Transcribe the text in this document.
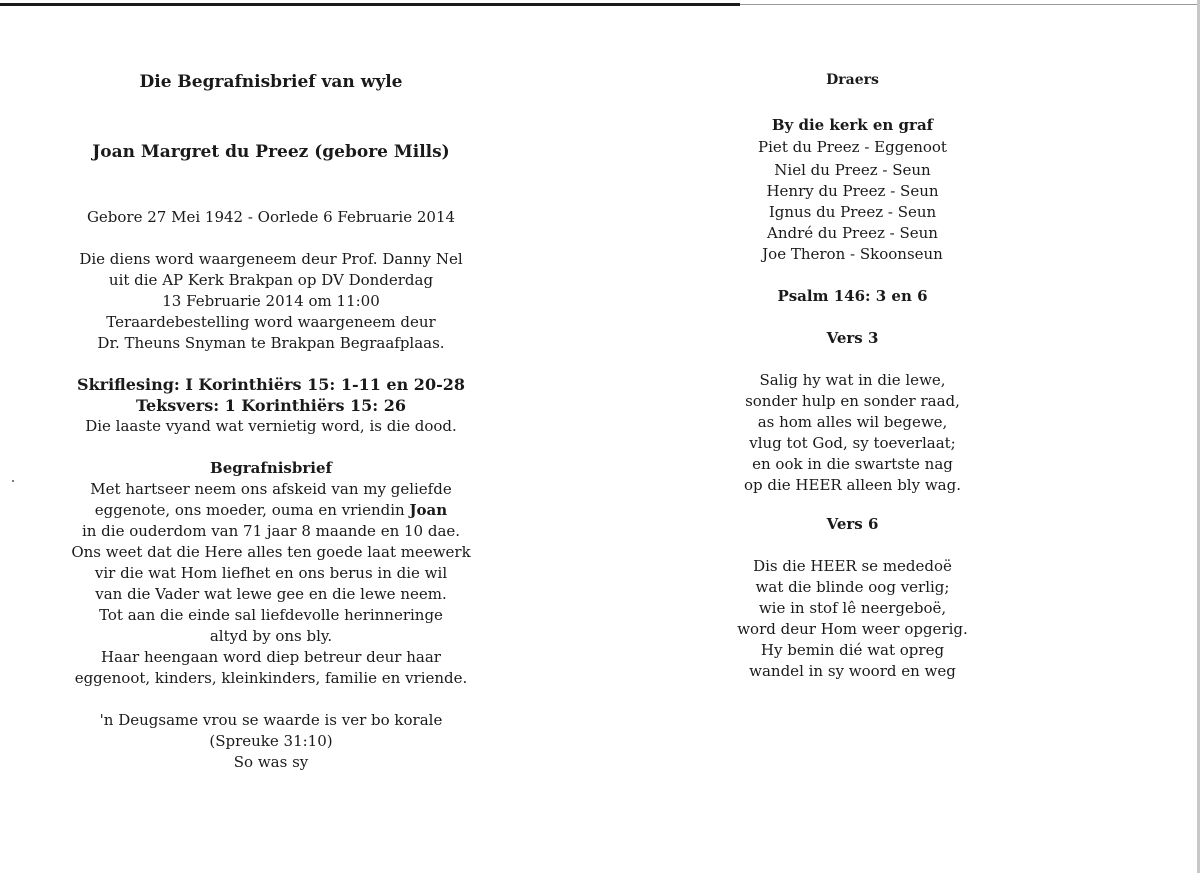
Die Begrafnisbrief van wyle
Joan Margret du Preez (gebore Mills)
Gebore 27 Mei 1942 - Oorlede 6 Februarie 2014
Die diens word waargeneem deur Prof. Danny Nel
uit die AP Kerk Brakpan op DV Donderdag
13 Februarie 2014 om 11:00
Teraardebestelling word waargeneem deur
Dr. Theuns Snyman te Brakpan Begraafplaas.
Skriflesing: I Korinthiërs 15: 1-11 en 20-28
Teksvers: 1 Korinthiërs 15: 26
Die laaste vyand wat vernietig word, is die dood.
Begrafnisbrief
Met hartseer neem ons afskeid van my geliefde
eggenote, ons moeder, ouma en vriendin Joan
in die ouderdom van 71 jaar 8 maande en 10 dae.
Ons weet dat die Here alles ten goede laat meewerk
vir die wat Hom liefhet en ons berus in die wil
van die Vader wat lewe gee en die lewe neem.
Tot aan die einde sal liefdevolle herinneringe
altyd by ons bly.
Haar heengaan word diep betreur deur haar
eggenoot, kinders, kleinkinders, familie en vriende.
'n Deugsame vrou se waarde is ver bo korale
(Spreuke 31:10)
So was sy
Draers
By die kerk en graf
Piet du Preez - Eggenoot
Niel du Preez - Seun
Henry du Preez - Seun
Ignus du Preez - Seun
André du Preez - Seun
Joe Theron - Skoonseun
Psalm 146: 3 en 6
Vers 3
Salig hy wat in die lewe,
sonder hulp en sonder raad,
as hom alles wil begewe,
vlug tot God, sy toeverlaat;
en ook in die swartste nag
op die HEER alleen bly wag.
Vers 6
Dis die HEER se mededoë
wat die blinde oog verlig;
wie in stof lê neergeboë,
word deur Hom weer opgerig.
Hy bemin dié wat opreg
wandel in sy woord en weg
